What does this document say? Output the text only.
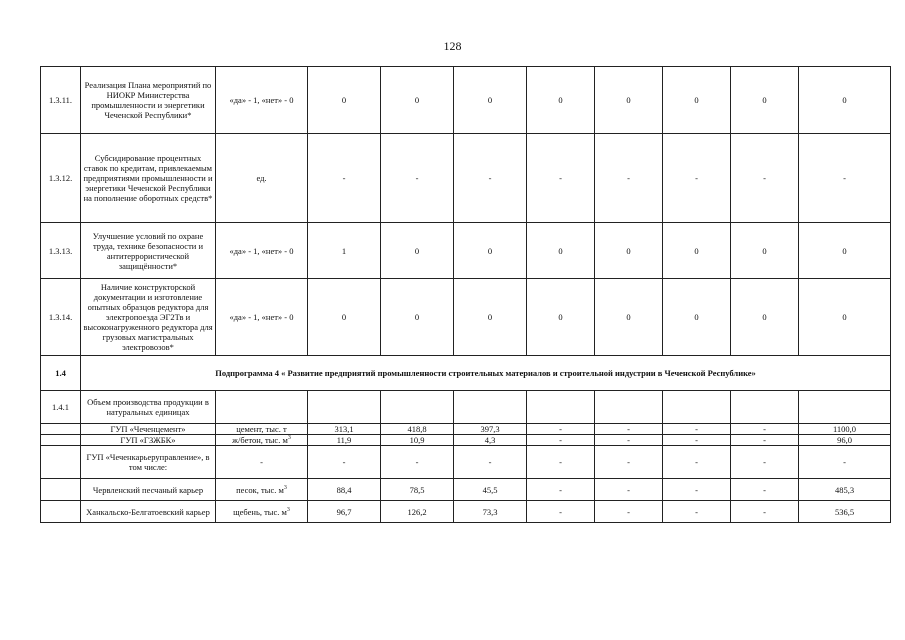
128
1.3.11.	Реализация Плана мероприятий по НИОКР Министерства промышленности и энергетики Чеченской Республики*	«да» - 1, «нет» - 0	0	0	0	0	0	0	0	0
1.3.12.	Субсидирование процентных ставок по кредитам, привлекаемым предприятиями промышленности и энергетики Чеченской Республики на пополнение оборотных средств*	ед.	-	-	-	-	-	-	-	-
1.3.13.	Улучшение условий по охране труда, технике безопасности и антитеррористической защищённости*	«да» - 1, «нет» - 0	1	0	0	0	0	0	0	0
1.3.14.	Наличие конструкторской документации и изготовление опытных образцов редуктора для электропоезда ЭГ2Тв и высоконагруженного редуктора для грузовых магистральных электровозов*	«да» - 1, «нет» - 0	0	0	0	0	0	0	0	0
1.4	Подпрограмма 4 « Развитие предприятий промышленности строительных материалов и строительной индустрии в Чеченской Республике»									
1.4.1	Объем производства продукции в натуральных единицах									
	ГУП «Чеченцемент»	цемент, тыс. т	313,1	418,8	397,3	-	-	-	-	1100,0
	ГУП «ГЗЖБК»	ж/бетон, тыс. $м^3$	11,9	10,9	4,3	-	-	-	-	96,0
	ГУП «Чеченкарьеруправление», в том числе:	-	-	-	-	-	-	-	-	-
	Червленский песчаный карьер	песок, тыс. $м^3$	88,4	78,5	45,5	-	-	-	-	485,3
	Ханкальско-Белгатоевский карьер	щебень, тыс. $м^3$	96,7	126,2	73,3	-	-	-	-	536,5
